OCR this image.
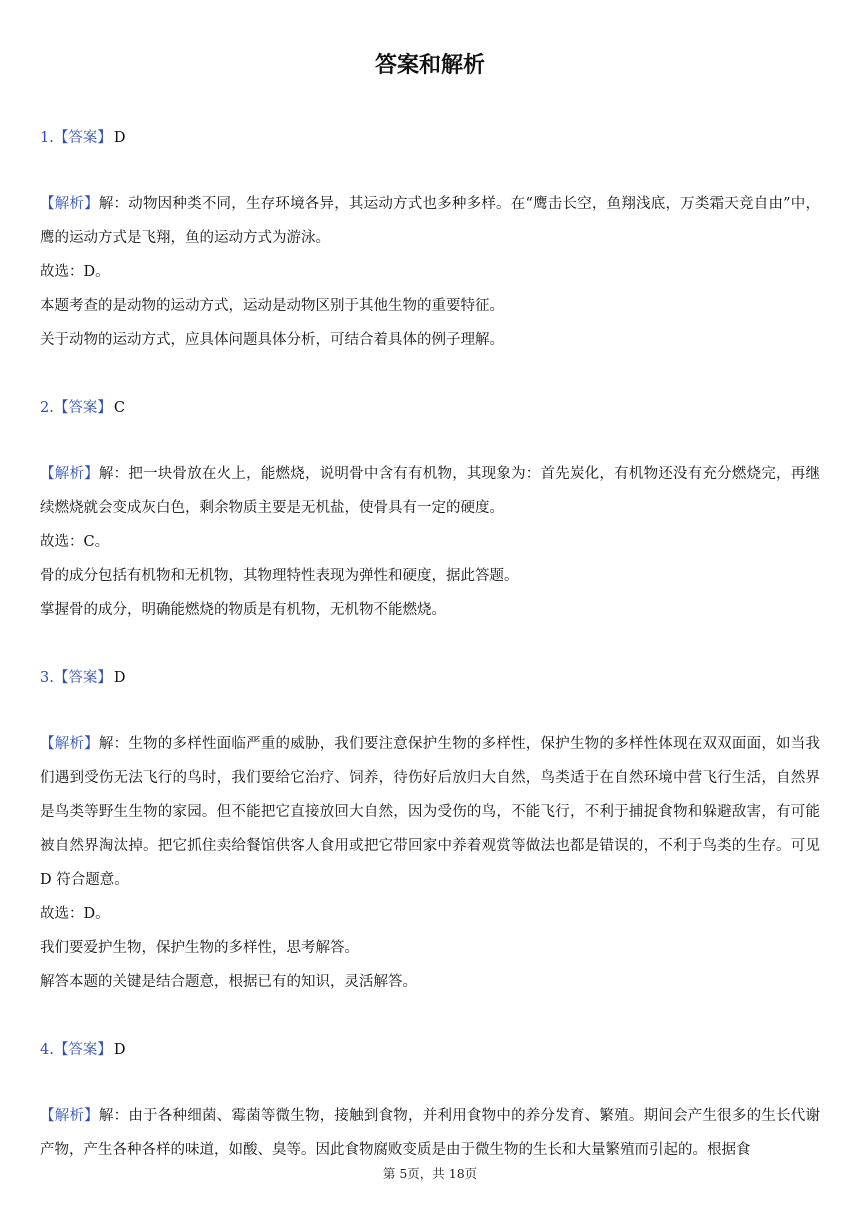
答案和解析
1.【答案】 D

【解析】解：动物因种类不同，生存环境各异，其运动方式也多种多样。在“鹰击长空，鱼翔浅底，万类霜天竞自由”中，鹰的运动方式是飞翔，鱼的运动方式为游泳。

故选：D。

本题考查的是动物的运动方式，运动是动物区别于其他生物的重要特征。

关于动物的运动方式，应具体问题具体分析，可结合着具体的例子理解。

2.【答案】 C

【解析】解：把一块骨放在火上，能燃烧，说明骨中含有有机物，其现象为：首先炭化，有机物还没有充分燃烧完，再继续燃烧就会变成灰白色，剩余物质主要是无机盐，使骨具有一定的硬度。

故选：C。

骨的成分包括有机物和无机物，其物理特性表现为弹性和硬度，据此答题。

掌握骨的成分，明确能燃烧的物质是有机物，无机物不能燃烧。

3.【答案】 D

【解析】解：生物的多样性面临严重的威胁，我们要注意保护生物的多样性，保护生物的多样性体现在双双面面，如当我们遇到受伤无法飞行的鸟时，我们要给它治疗、饲养，待伤好后放归大自然，鸟类适于在自然环境中营飞行生活，自然界是鸟类等野生生物的家园。但不能把它直接放回大自然，因为受伤的鸟，不能飞行，不利于捕捉食物和躲避敌害，有可能被自然界淘汰掉。把它抓住卖给餐馆供客人食用或把它带回家中养着观赏等做法也都是错误的，不利于鸟类的生存。可见 D 符合题意。

故选：D。

我们要爱护生物，保护生物的多样性，思考解答。

解答本题的关键是结合题意，根据已有的知识，灵活解答。

4.【答案】 D

【解析】解：由于各种细菌、霉菌等微生物，接触到食物，并利用食物中的养分发育、繁殖。期间会产生很多的生长代谢产物，产生各种各样的味道，如酸、臭等。因此食物腐败变质是由于微生物的生长和大量繁殖而引起的。根据食

第 5页，共 18页
